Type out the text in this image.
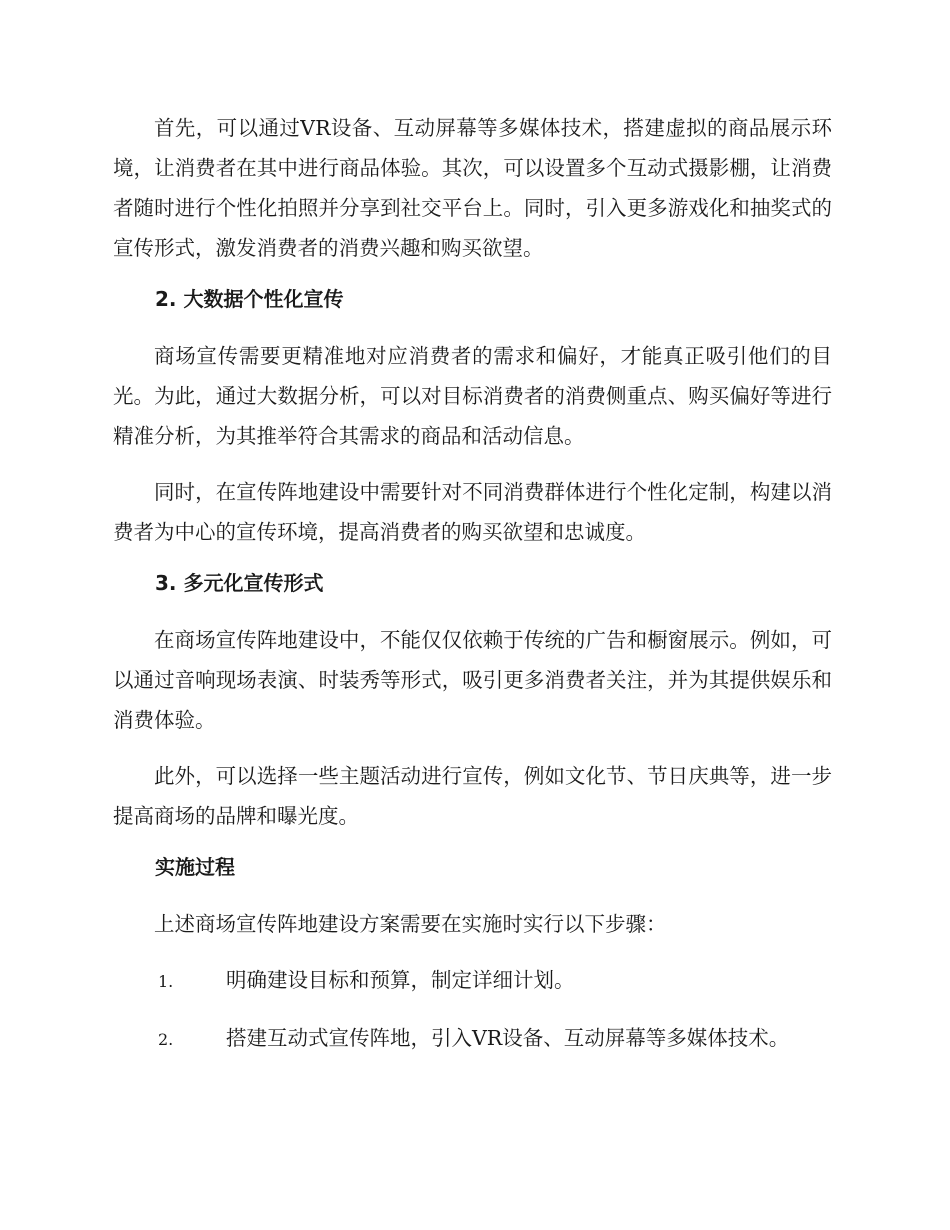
首先，可以通过VR设备、互动屏幕等多媒体技术，搭建虚拟的商品展示环境，让消费者在其中进行商品体验。其次，可以设置多个互动式摄影棚，让消费者随时进行个性化拍照并分享到社交平台上。同时，引入更多游戏化和抽奖式的宣传形式，激发消费者的消费兴趣和购买欲望。

2. 大数据个性化宣传

商场宣传需要更精准地对应消费者的需求和偏好，才能真正吸引他们的目光。为此，通过大数据分析，可以对目标消费者的消费侧重点、购买偏好等进行精准分析，为其推举符合其需求的商品和活动信息。

同时，在宣传阵地建设中需要针对不同消费群体进行个性化定制，构建以消费者为中心的宣传环境，提高消费者的购买欲望和忠诚度。

3. 多元化宣传形式

在商场宣传阵地建设中，不能仅仅依赖于传统的广告和橱窗展示。例如，可以通过音响现场表演、时装秀等形式，吸引更多消费者关注，并为其提供娱乐和消费体验。

此外，可以选择一些主题活动进行宣传，例如文化节、节日庆典等，进一步提高商场的品牌和曝光度。

实施过程

上述商场宣传阵地建设方案需要在实施时实行以下步骤：

1.	明确建设目标和预算，制定详细计划。
2.	搭建互动式宣传阵地，引入VR设备、互动屏幕等多媒体技术。
